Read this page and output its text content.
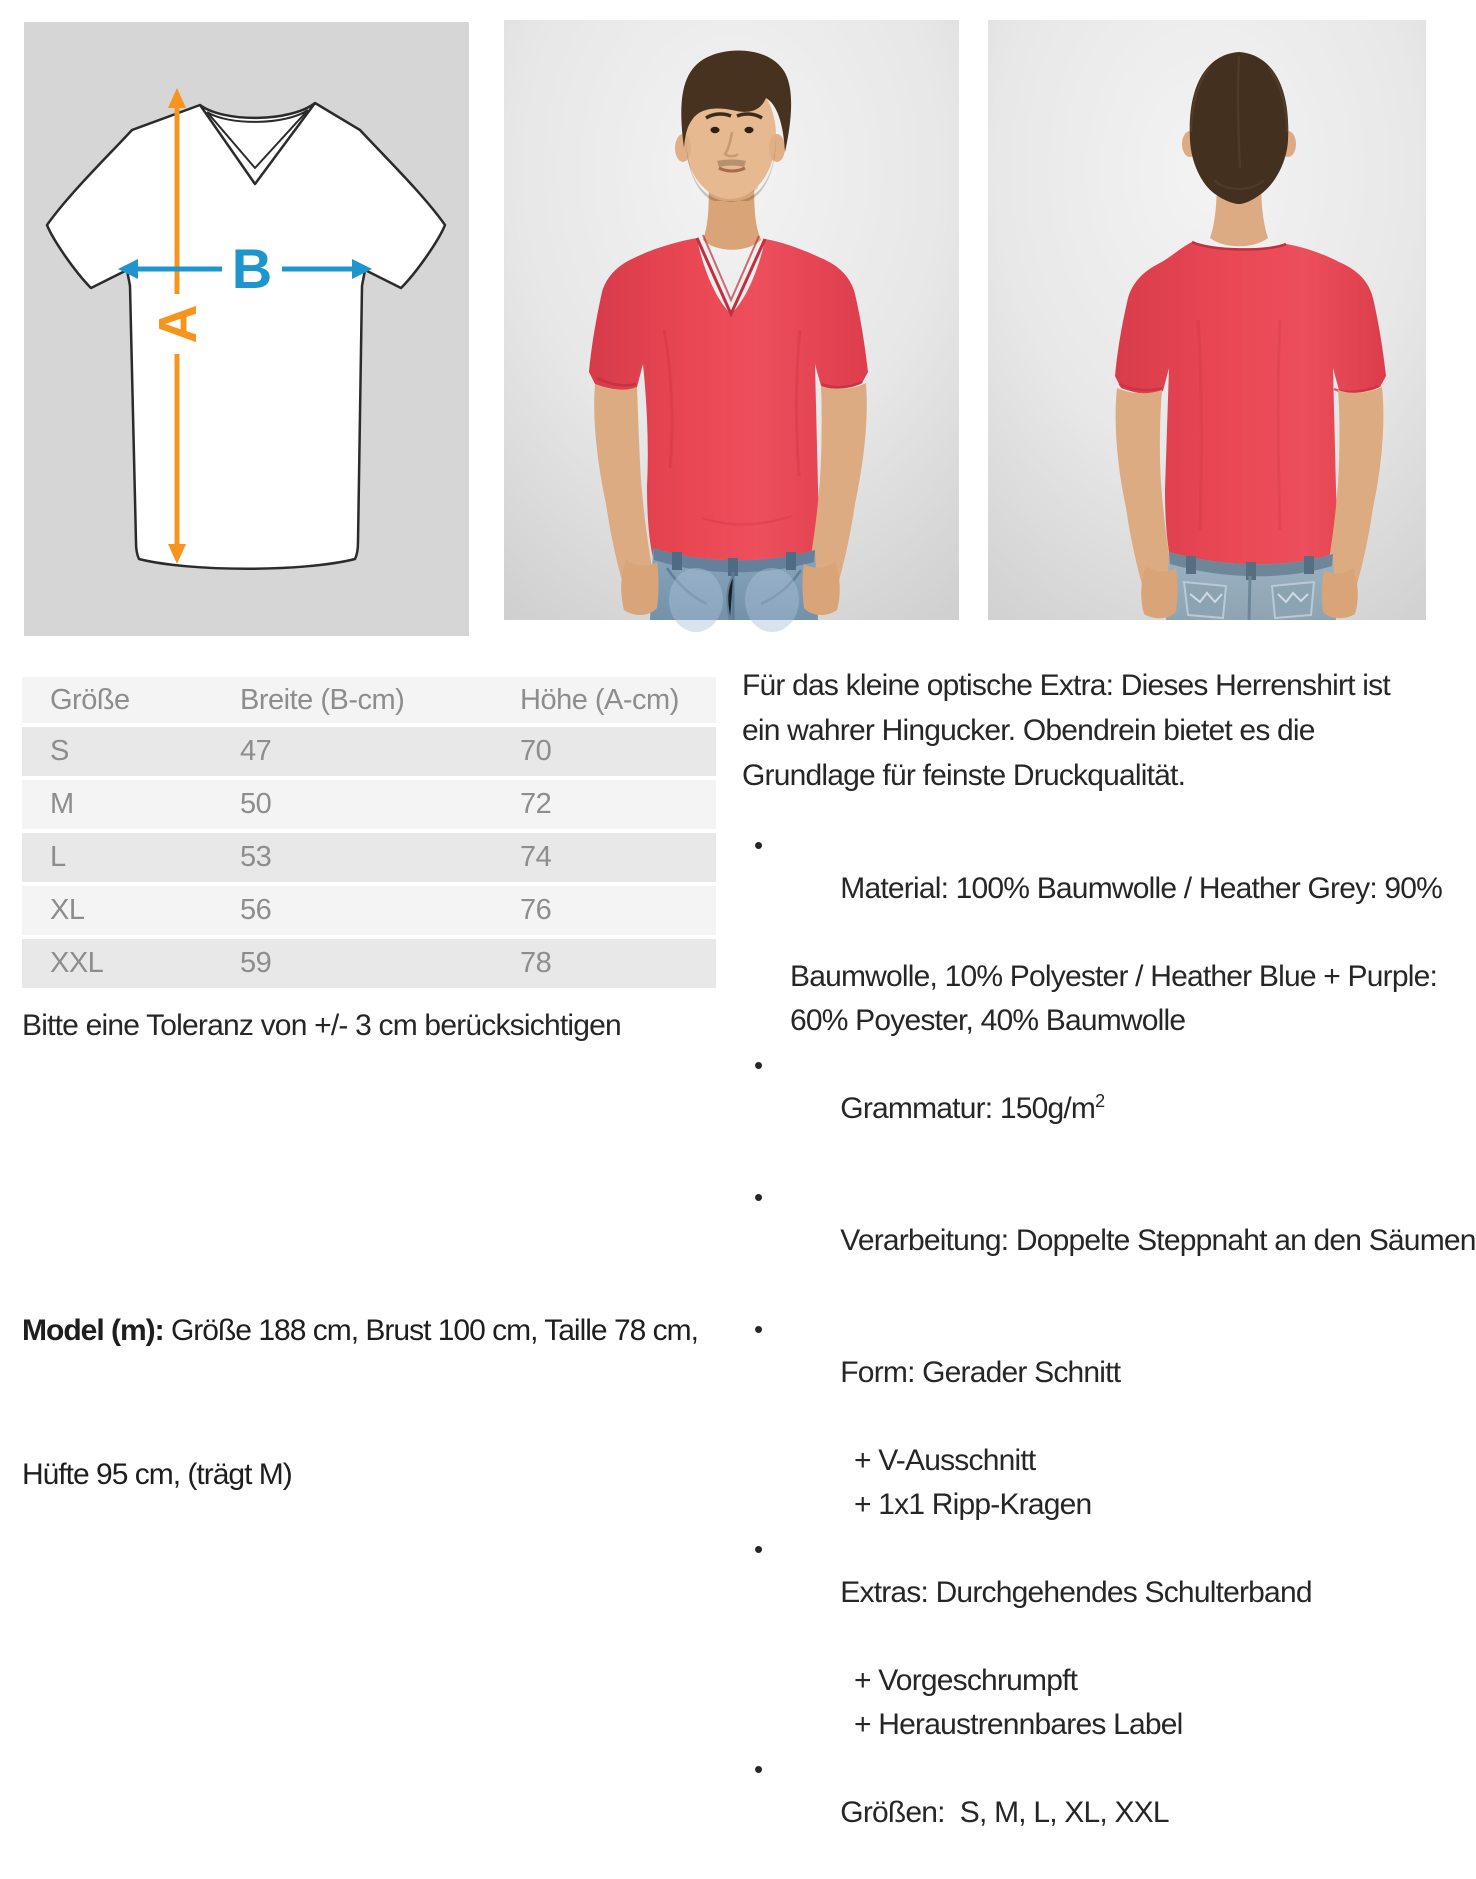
A
B
Größe	Breite (B-cm)	Höhe (A-cm)
S	47	70
M	50	72
L	53	74
XL	56	76
XXL	59	78
Bitte eine Toleranz von +/- 3 cm berücksichtigen

Model (m): Größe 188 cm, Brust 100 cm, Taille 78 cm,

Hüfte 95 cm, (trägt M)

Für das kleine optische Extra: Dieses Herrenshirt ist
ein wahrer Hingucker. Obendrein bietet es die
Grundlage für feinste Druckqualität.

•
Material: 100% Baumwolle / Heather Grey: 90%

Baumwolle, 10% Polyester / Heather Blue + Purple:
60% Poyester, 40% Baumwolle

•
Grammatur: $150g/m^2$

•
Verarbeitung: Doppelte Steppnaht an den Säumen

•
Form: Gerader Schnitt

+ V-Ausschnitt
+ 1x1 Ripp-Kragen

•
Extras: Durchgehendes Schulterband

+ Vorgeschrumpft
+ Heraustrennbares Label

•
Größen:  S, M, L, XL, XXL
